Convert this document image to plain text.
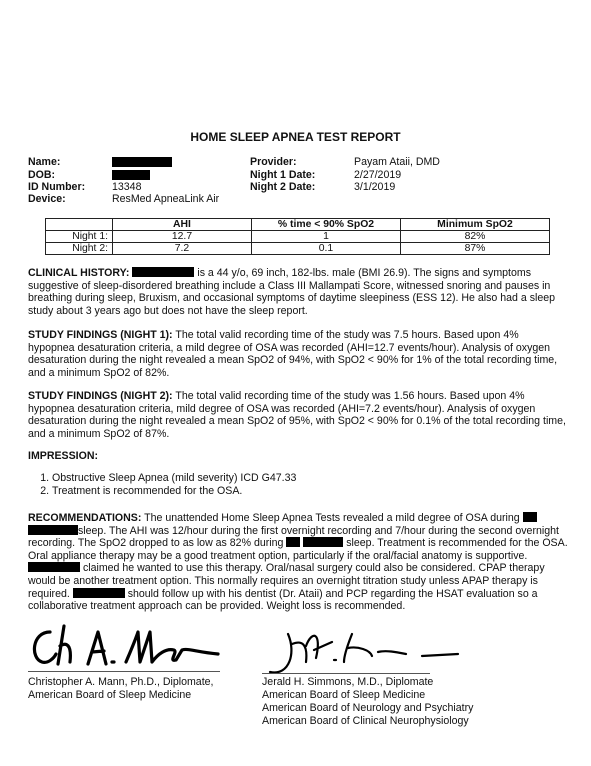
HOME SLEEP APNEA TEST REPORT
Name:
DOB:
ID Number:	13348
Device:	ResMed ApneaLink Air
Provider:	Payam Ataii, DMD
Night 1 Date:	2/27/2019
Night 2 Date:	3/1/2019
	AHI	% time < 90% SpO2	Minimum SpO2
Night 1:	12.7	1	82%
Night 2:	7.2	0.1	87%
CLINICAL HISTORY:	is a 44 y/o, 69 inch, 182-lbs. male (BMI 26.9). The signs and symptoms suggestive of sleep-disordered breathing include a Class III Mallampati Score, witnessed snoring and pauses in breathing during sleep, Bruxism, and occasional symptoms of daytime sleepiness (ESS 12). He also had a sleep study about 3 years ago but does not have the sleep report.
STUDY FINDINGS (NIGHT 1): The total valid recording time of the study was 7.5 hours. Based upon 4% hypopnea desaturation criteria, a mild degree of OSA was recorded (AHI=12.7 events/hour). Analysis of oxygen desaturation during the night revealed a mean SpO2 of 94%, with SpO2 < 90% for 1% of the total recording time, and a minimum SpO2 of 82%.
STUDY FINDINGS (NIGHT 2): The total valid recording time of the study was 1.56 hours. Based upon 4% hypopnea desaturation criteria, mild degree of OSA was recorded (AHI=7.2 events/hour). Analysis of oxygen desaturation during the night revealed a mean SpO2 of 95%, with SpO2 < 90% for 0.1% of the total recording time, and a minimum SpO2 of 87%.
IMPRESSION:
1. Obstructive Sleep Apnea (mild severity) ICD G47.33
2. Treatment is recommended for the OSA.
RECOMMENDATIONS: The unattended Home Sleep Apnea Tests revealed a mild degree of OSA during  sleep. The AHI was 12/hour during the first overnight recording and 7/hour during the second overnight recording. The SpO2 dropped to as low as 82% during	sleep. Treatment is recommended for the OSA. Oral appliance therapy may be a good treatment option, particularly if the oral/facial anatomy is supportive.  claimed he wanted to use this therapy. Oral/nasal surgery could also be considered. CPAP therapy would be another treatment option. This normally requires an overnight titration study unless APAP therapy is required.	should follow up with his dentist (Dr. Ataii) and PCP regarding the HSAT evaluation so a collaborative treatment approach can be provided. Weight loss is recommended.
Christopher A. Mann, Ph.D., Diplomate,
American Board of Sleep Medicine
Jerald H. Simmons, M.D., Diplomate
American Board of Sleep Medicine
American Board of Neurology and Psychiatry
American Board of Clinical Neurophysiology
